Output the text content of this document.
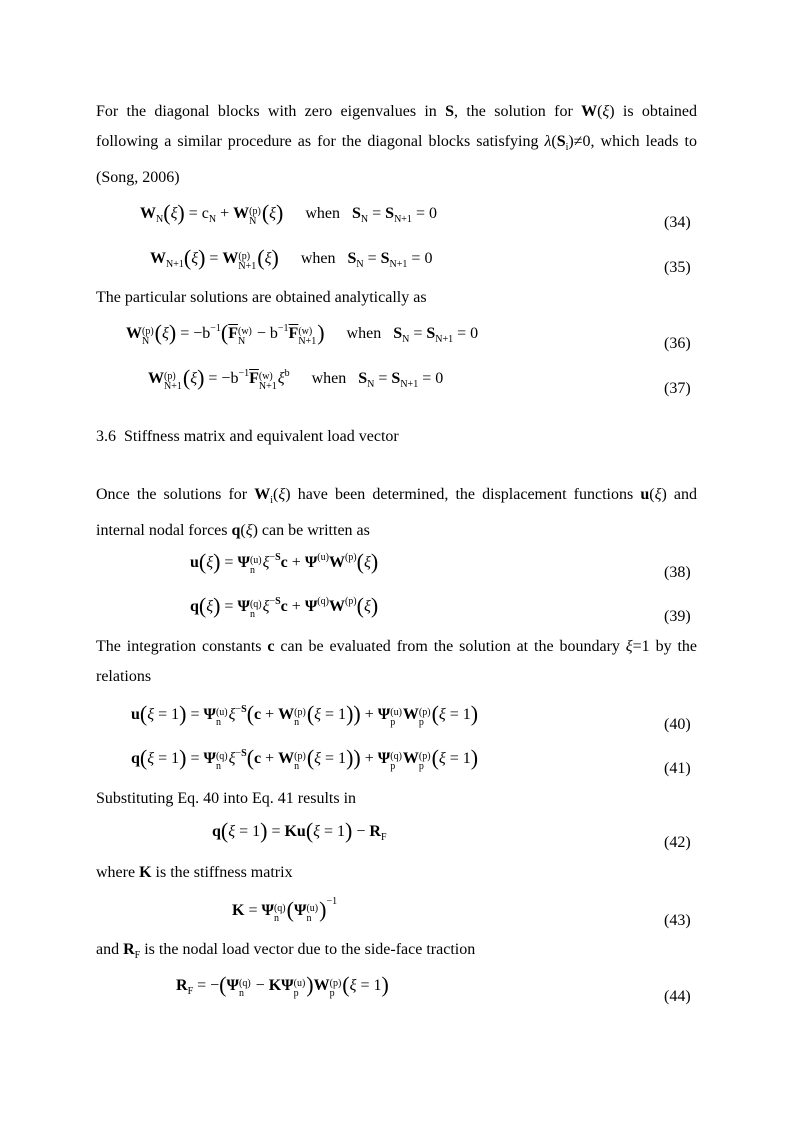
For the diagonal blocks with zero eigenvalues in S, the solution for W(ξ) is obtained following a similar procedure as for the diagonal blocks satisfying $\lambda(S_i)\ne 0$, which leads to (Song, 2006)
$W_N(\xi) = c_N + W$ (p)
N (ξ) when $S_N = S_{N+1} = 0$
(34)
$W_{N+1}(\xi) = W$ (p)
N+1 (ξ) when $S_N = S_{N+1} = 0$
(35)
The particular solutions are obtained analytically as
W (p)
N $(\xi) = -b^{-1}(\overline{F}$ (w)
$N - b^{-1}\overline{F}$ (w)
N+1 ) when $S_N = S_{N+1} = 0$
(36)
W (p)
N+1 $(\xi) = -b^{-1}\overline{F}$ (w)
N+1 $\xi^b$ when $S_N = S_{N+1} = 0$
(37)
3.6 Stiffness matrix and equivalent load vector
Once the solutions for $W_i(\xi)$ have been determined, the displacement functions u(ξ) and internal nodal forces q(ξ) can be written as
u(ξ) = Ψ (u)
n $\xi^{-S}c + \Psi^{(u)}W^{(p)}(\xi)$	(38)
q(ξ) = Ψ (q)
n $\xi^{-S}c + \Psi^{(q)}W^{(p)}(\xi)$	(39)
The integration constants c can be evaluated from the solution at the boundary ξ=1 by the relations
u(ξ = 1) = Ψ (u)
n $\xi^{-S}(c + W$ (p)
n (ξ = 1)) + Ψ (u)
p W (p)
p (ξ = 1)	(40)
q(ξ = 1) = Ψ (q)
n $\xi^{-S}(c + W$ (p)
n (ξ = 1)) + Ψ (q)
p W (p)
p (ξ = 1)	(41)
Substituting Eq. 40 into Eq. 41 results in
$q(\xi = 1) = Ku(\xi = 1) - R_F$	(42)
where K is the stiffness matrix
K = Ψ (q)
n (Ψ (u)
n )$^{-1}$
(43)
and $R_F$ is the nodal load vector due to the side-face traction
$R_F = -(\Psi$ (q)
n − KΨ (u)
p )W (p)
p (ξ = 1)	(44)
